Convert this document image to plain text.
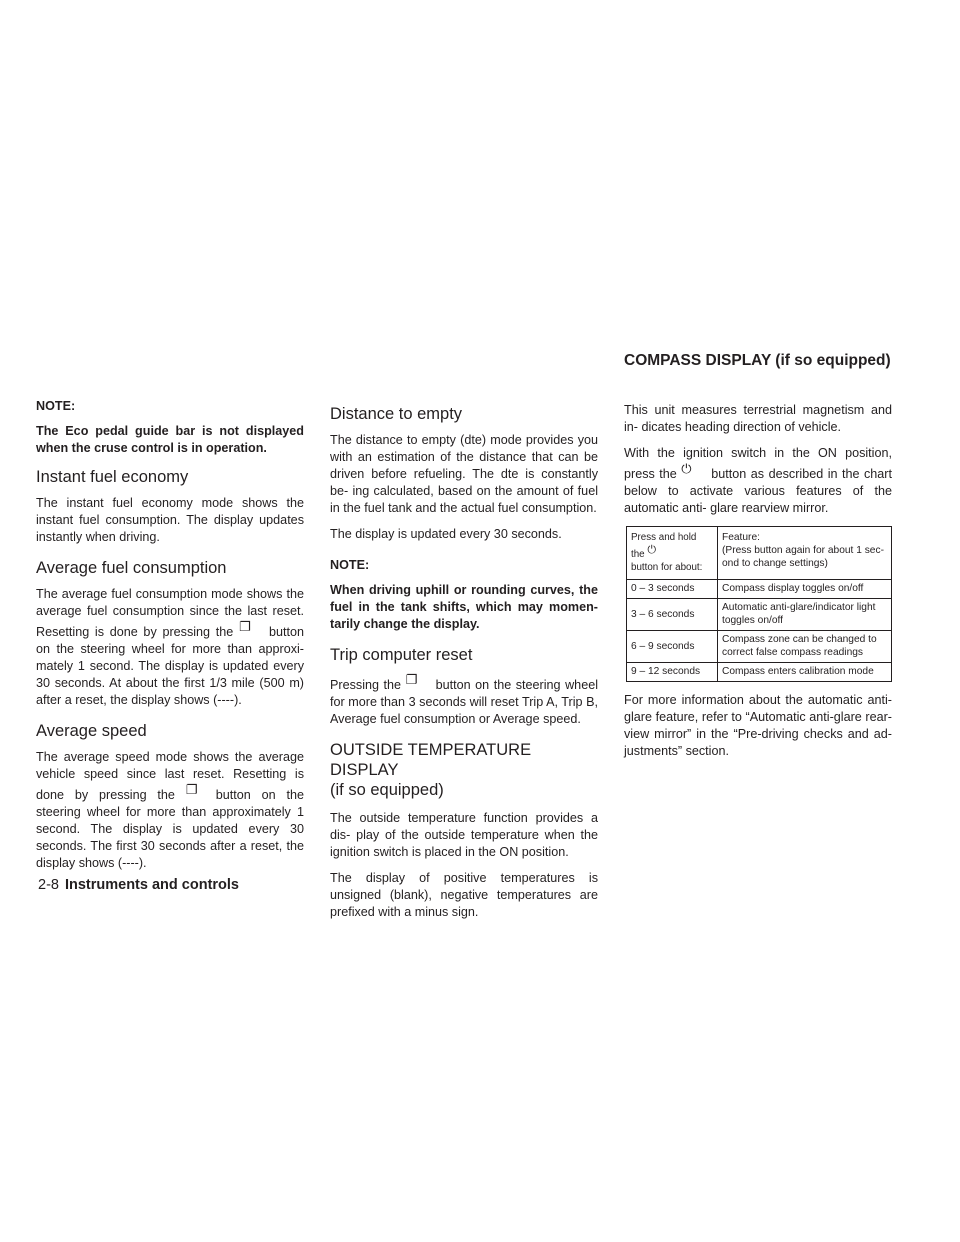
COMPASS DISPLAY (if so equipped)

NOTE:

The Eco pedal guide bar is not displayed when the cruse control is in operation.

Instant fuel economy

The instant fuel economy mode shows the instant fuel consumption. The display updates instantly when driving.

Average fuel consumption

The average fuel consumption mode shows the average fuel consumption since the last reset. Resetting is done by pressing the ❐ button on the steering wheel for more than approxi- mately 1 second. The display is updated every 30 seconds. At about the first 1/3 mile (500 m) after a reset, the display shows (----).

Average speed

The average speed mode shows the average vehicle speed since last reset. Resetting is done by pressing the ❐ button on the steering wheel for more than approximately 1 second. The display is updated every 30 seconds. The first 30 seconds after a reset, the display shows (----).

Distance to empty

The distance to empty (dte) mode provides you with an estimation of the distance that can be driven before refueling. The dte is constantly be- ing calculated, based on the amount of fuel in the fuel tank and the actual fuel consumption.

The display is updated every 30 seconds.

NOTE:

When driving uphill or rounding curves, the fuel in the tank shifts, which may momen- tarily change the display.

Trip computer reset

Pressing the ❐ button on the steering wheel for more than 3 seconds will reset Trip A, Trip B, Average fuel consumption or Average speed.

OUTSIDE TEMPERATURE DISPLAY
(if so equipped)

The outside temperature function provides a dis- play of the outside temperature when the ignition switch is placed in the ON position.

The display of positive temperatures is unsigned (blank), negative temperatures are prefixed with a minus sign.

This unit measures terrestrial magnetism and in- dicates heading direction of vehicle.

With the ignition switch in the ON position, press the ⏻ button as described in the chart below to activate various features of the automatic anti- glare rearview mirror.

Press and hold
the ⏻
button for about:	Feature:
(Press button again for about 1 sec- ond to change settings)
0 – 3 seconds	Compass display toggles on/off
3 – 6 seconds	Automatic anti-glare/indicator light toggles on/off
6 – 9 seconds	Compass zone can be changed to correct false compass readings
9 – 12 seconds	Compass enters calibration mode

For more information about the automatic anti- glare feature, refer to “Automatic anti-glare rear- view mirror” in the “Pre-driving checks and ad- justments” section.

2-8 Instruments and controls
